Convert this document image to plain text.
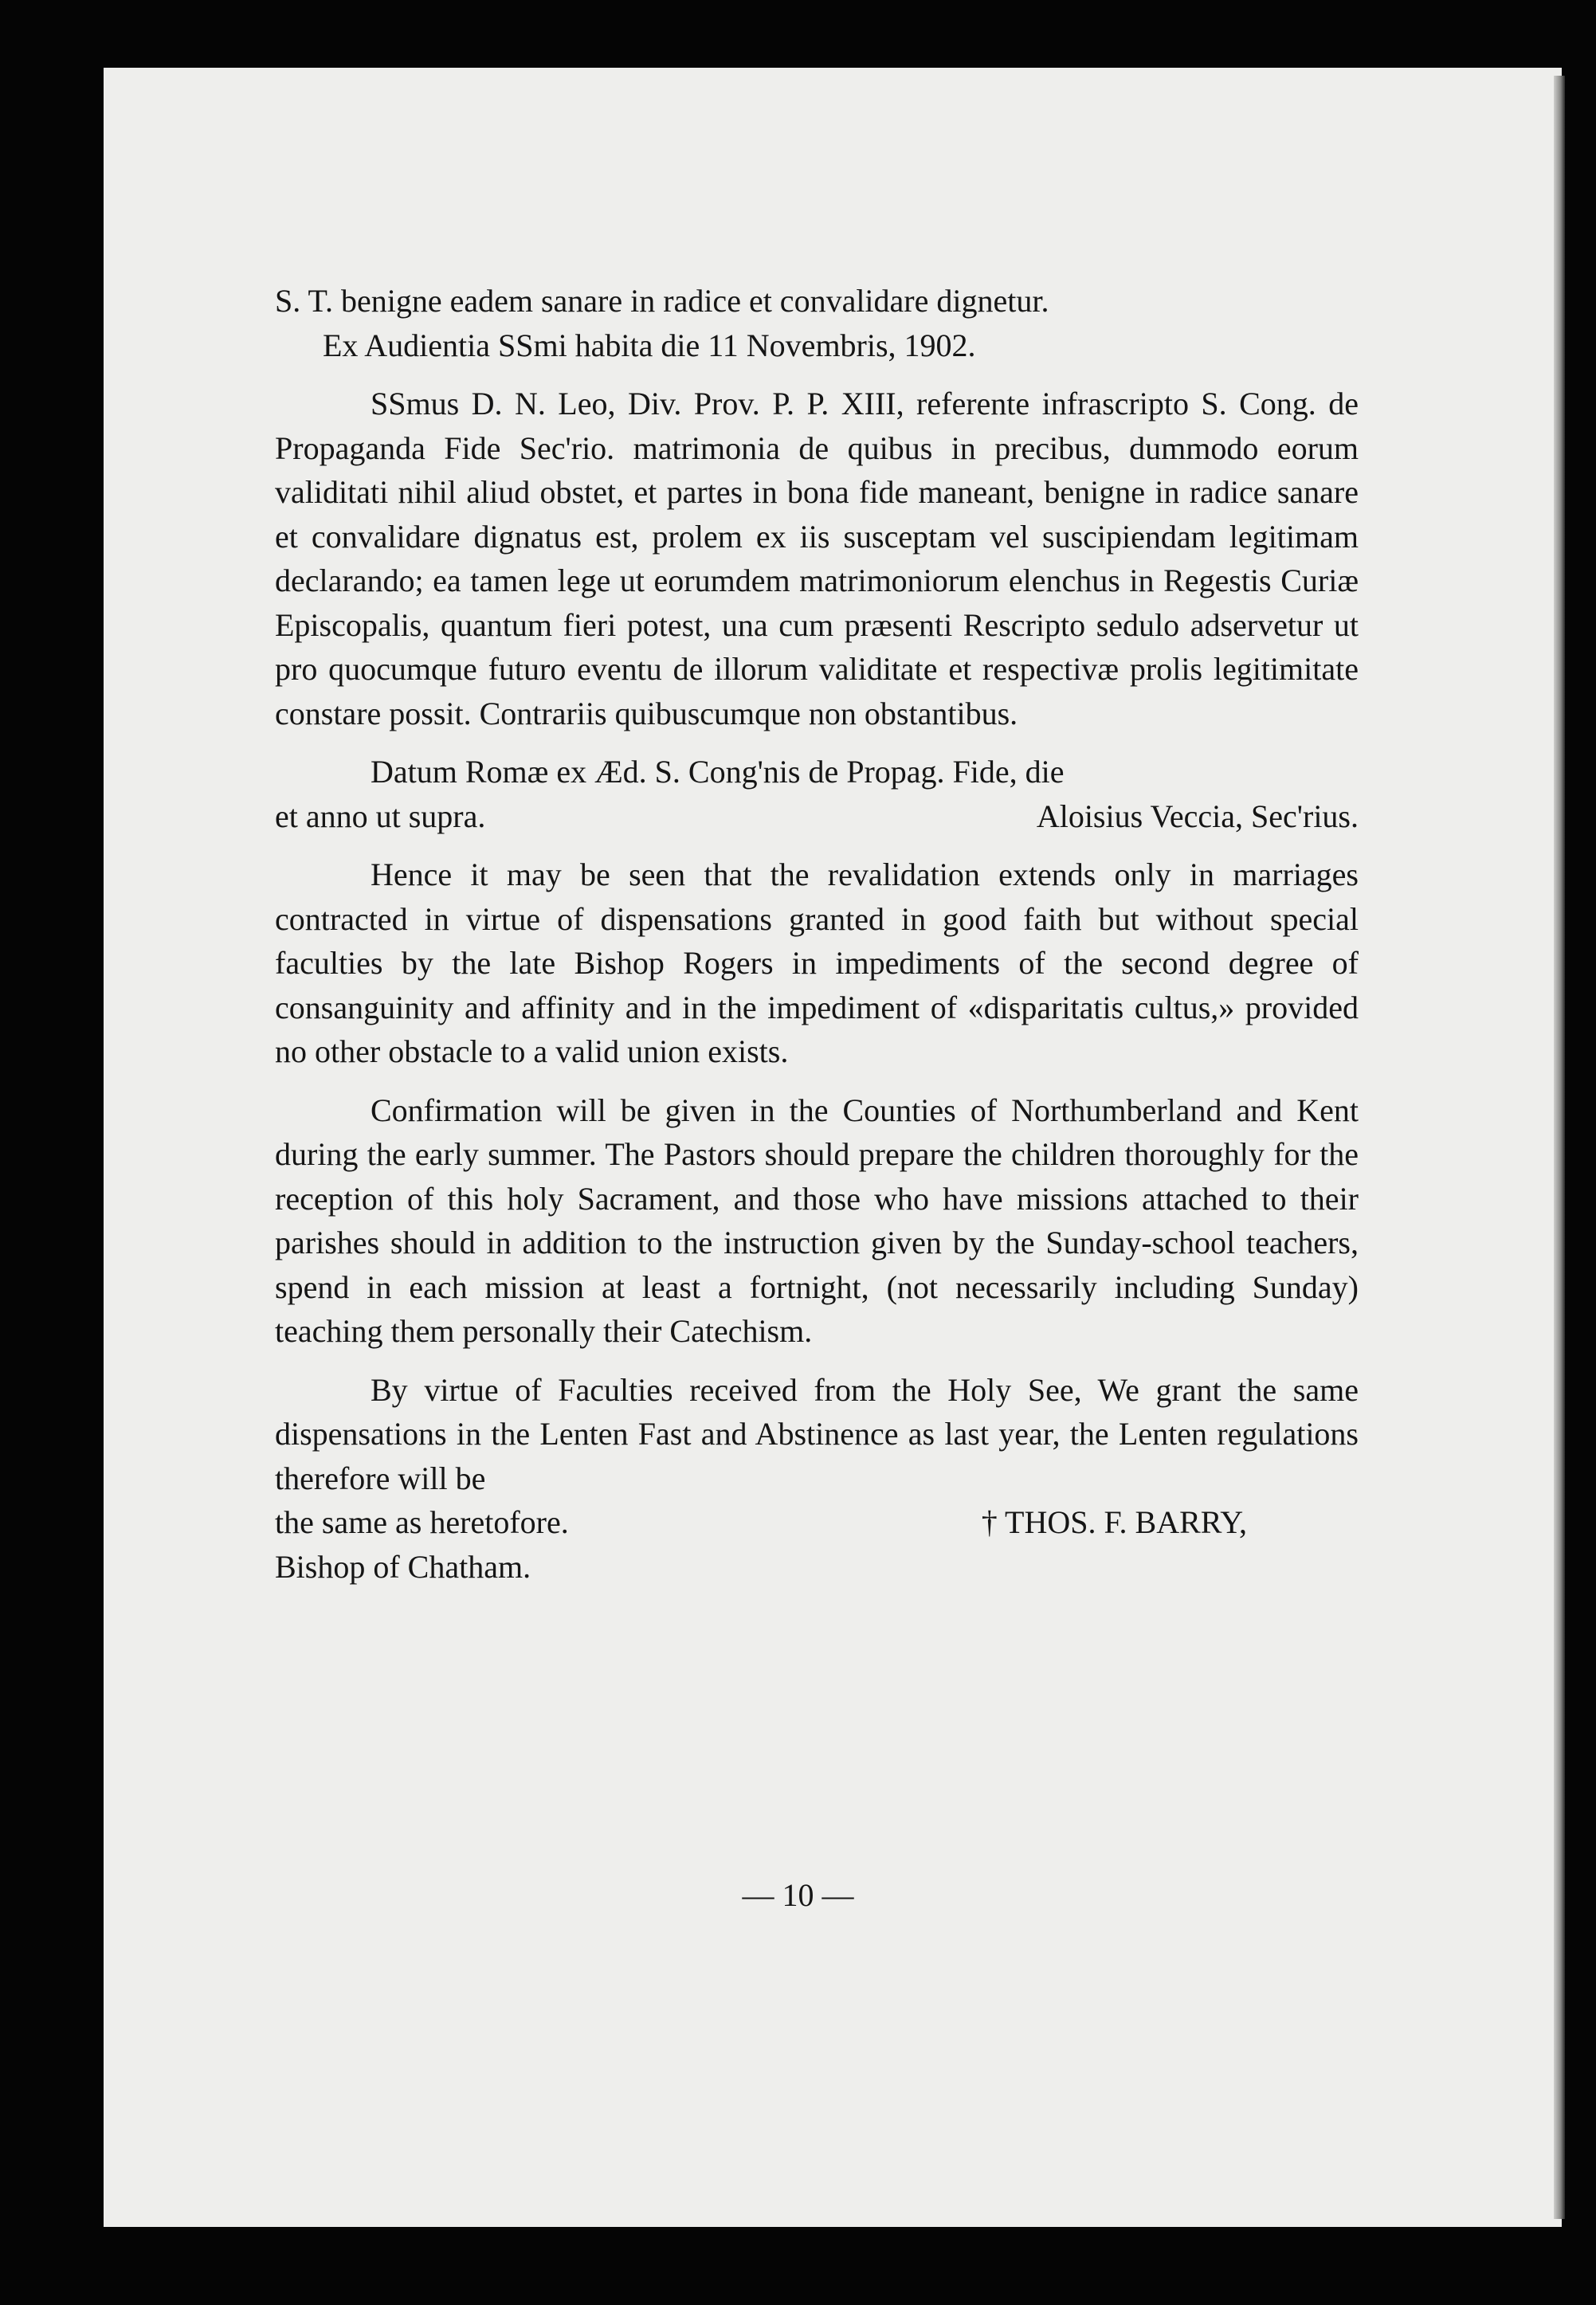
S. T. benigne eadem sanare in radice et convalidare dignetur.

Ex Audientia SSmi habita die 11 Novembris, 1902.

SSmus D. N. Leo, Div. Prov. P. P. XIII, referente infrascripto S. Cong. de Propaganda Fide Sec'rio. matrimonia de quibus in precibus, dummodo eorum validitati nihil aliud obstet, et partes in bona fide maneant, benigne in radice sanare et convalidare dignatus est, prolem ex iis susceptam vel suscipiendam legitimam declarando; ea tamen lege ut eorumdem matrimoniorum elenchus in Regestis Curiæ Episcopalis, quantum fieri potest, una cum præsenti Rescripto sedulo adservetur ut pro quocumque futuro eventu de illorum validitate et respectivæ prolis legitimitate constare possit. Contrariis quibuscumque non obstantibus.

Datum Romæ ex Æd. S. Cong'nis de Propag. Fide, die

et anno ut supra.	Aloisius Veccia, Sec'rius.

Hence it may be seen that the revalidation extends only in marriages contracted in virtue of dispensations granted in good faith but without special faculties by the late Bishop Rogers in impediments of the second degree of consanguinity and affinity and in the impediment of «disparitatis cultus,» provided no other obstacle to a valid union exists.

Confirmation will be given in the Counties of Northumberland and Kent during the early summer. The Pastors should prepare the children thoroughly for the reception of this holy Sacrament, and those who have missions attached to their parishes should in addition to the instruction given by the Sunday-school teachers, spend in each mission at least a fortnight, (not necessarily including Sunday) teaching them personally their Catechism.

By virtue of Faculties received from the Holy See, We grant the same dispensations in the Lenten Fast and Abstinence as last year, the Lenten regulations therefore will be

the same as heretofore.	† THOS. F. BARRY,

Bishop of Chatham.

— 10 —
